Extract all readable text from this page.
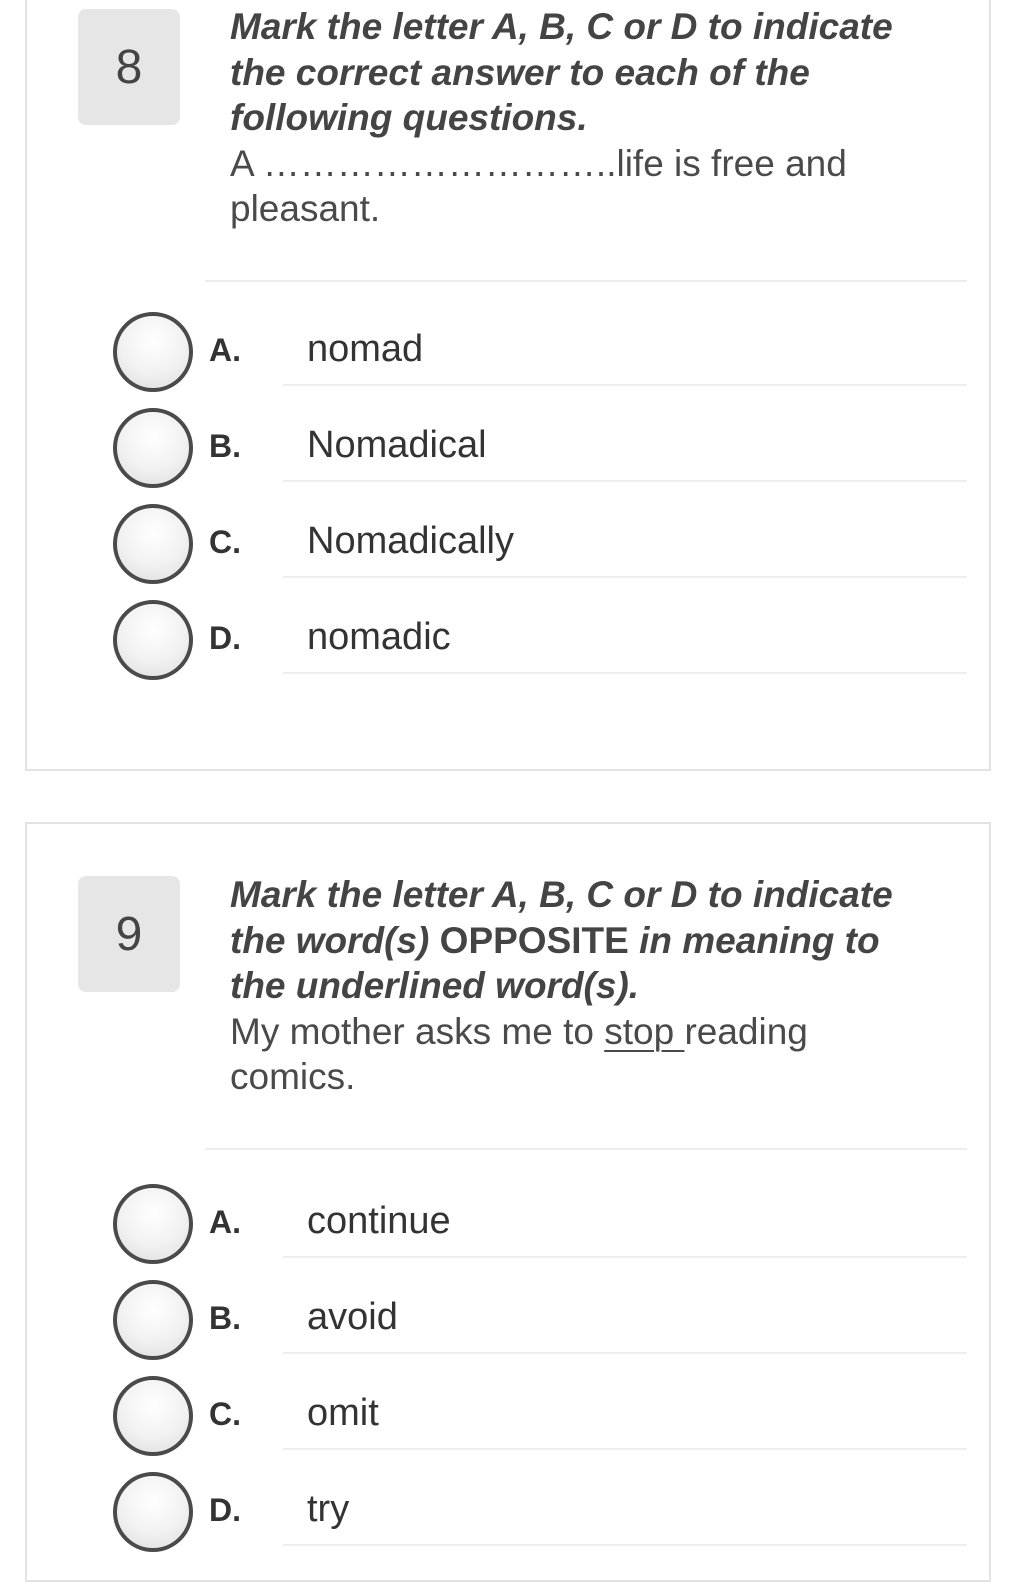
8
Mark the letter A, B, C or D to indicate the correct answer to each of the following questions.
A ………………………..life is free and pleasant.
A. nomad
B. Nomadical
C. Nomadically
D. nomadic
9
Mark the letter A, B, C or D to indicate the word(s) OPPOSITE in meaning to the underlined word(s).
My mother asks me to stop reading comics.
A. continue
B. avoid
C. omit
D. try
